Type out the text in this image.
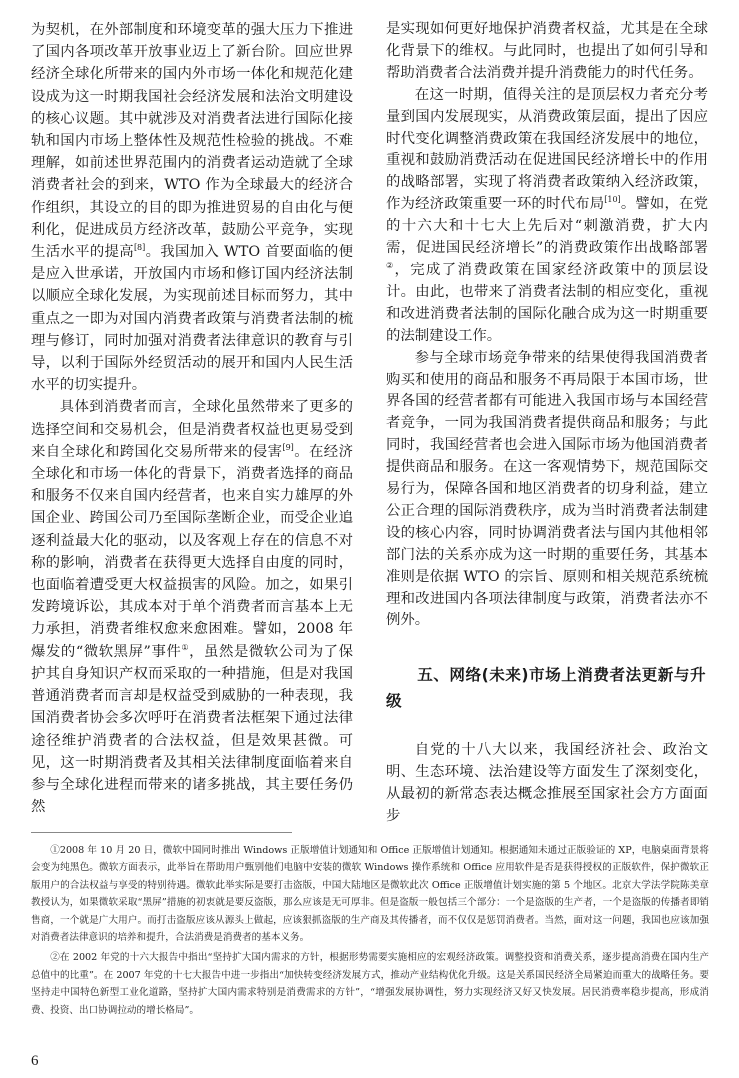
为契机，在外部制度和环境变革的强大压力下推进了国内各项改革开放事业迈上了新台阶。回应世界经济全球化所带来的国内外市场一体化和规范化建设成为这一时期我国社会经济发展和法治文明建设的核心议题。其中就涉及对消费者法进行国际化接轨和国内市场上整体性及规范性检验的挑战。不难理解，如前述世界范围内的消费者运动造就了全球消费者社会的到来，WTO 作为全球最大的经济合作组织，其设立的目的即为推进贸易的自由化与便利化，促进成员方经济改革，鼓励公平竞争，实现生活水平的提高[8]。我国加入 WTO 首要面临的便是应入世承诺，开放国内市场和修订国内经济法制以顺应全球化发展，为实现前述目标而努力，其中重点之一即为对国内消费者政策与消费者法制的梳理与修订，同时加强对消费者法律意识的教育与引导，以利于国际外经贸活动的展开和国内人民生活水平的切实提升。

具体到消费者而言，全球化虽然带来了更多的选择空间和交易机会，但是消费者权益也更易受到来自全球化和跨国化交易所带来的侵害[9]。在经济全球化和市场一体化的背景下，消费者选择的商品和服务不仅来自国内经营者，也来自实力雄厚的外国企业、跨国公司乃至国际垄断企业，而受企业追逐利益最大化的驱动，以及客观上存在的信息不对称的影响，消费者在获得更大选择自由度的同时，也面临着遭受更大权益损害的风险。加之，如果引发跨境诉讼，其成本对于单个消费者而言基本上无力承担，消费者维权愈来愈困难。譬如，2008 年爆发的“微软黑屏”事件①，虽然是微软公司为了保护其自身知识产权而采取的一种措施，但是对我国普通消费者而言却是权益受到威胁的一种表现，我国消费者协会多次呼吁在消费者法框架下通过法律途径维护消费者的合法权益，但是效果甚微。可见，这一时期消费者及其相关法律制度面临着来自参与全球化进程而带来的诸多挑战，其主要任务仍然

是实现如何更好地保护消费者权益，尤其是在全球化背景下的维权。与此同时，也提出了如何引导和帮助消费者合法消费并提升消费能力的时代任务。

在这一时期，值得关注的是顶层权力者充分考量到国内发展现实，从消费政策层面，提出了因应时代变化调整消费政策在我国经济发展中的地位，重视和鼓励消费活动在促进国民经济增长中的作用的战略部署，实现了将消费者政策纳入经济政策，作为经济政策重要一环的时代布局[10]。譬如，在党的十六大和十七大上先后对“刺激消费，扩大内需，促进国民经济增长”的消费政策作出战略部署②，完成了消费政策在国家经济政策中的顶层设计。由此，也带来了消费者法制的相应变化，重视和改进消费者法制的国际化融合成为这一时期重要的法制建设工作。

参与全球市场竞争带来的结果使得我国消费者购买和使用的商品和服务不再局限于本国市场，世界各国的经营者都有可能进入我国市场与本国经营者竞争，一同为我国消费者提供商品和服务；与此同时，我国经营者也会进入国际市场为他国消费者提供商品和服务。在这一客观情势下，规范国际交易行为，保障各国和地区消费者的切身利益，建立公正合理的国际消费秩序，成为当时消费者法制建设的核心内容，同时协调消费者法与国内其他相邻部门法的关系亦成为这一时期的重要任务，其基本准则是依据 WTO 的宗旨、原则和相关规范系统梳理和改进国内各项法律制度与政策，消费者法亦不例外。

五、网络(未来)市场上消费者法更新与升级

自党的十八大以来，我国经济社会、政治文明、生态环境、法治建设等方面发生了深刻变化，从最初的新常态表达概念推展至国家社会方方面面步

①2008 年 10 月 20 日，微软中国同时推出 Windows 正版增值计划通知和 Office 正版增值计划通知。根据通知未通过正版验证的 XP，电脑桌面背景将会变为纯黑色。微软方面表示，此举旨在帮助用户甄别他们电脑中安装的微软 Windows 操作系统和 Office 应用软件是否是获得授权的正版软件，保护微软正版用户的合法权益与享受的特别待遇。微软此举实际是要打击盗版，中国大陆地区是微软此次 Office 正版增值计划实施的第 5 个地区。北京大学法学院陈美章教授认为，如果微软采取“黑屏”措施的初衷就是要反盗版，那么应该是无可厚非。但是盗版一般包括三个部分：一个是盗版的生产者，一个是盗版的传播者即销售商，一个就是广大用户。而打击盗版应该从源头上做起，应该狠抓盗版的生产商及其传播者，而不仅仅是惩罚消费者。当然，面对这一问题，我国也应该加强对消费者法律意识的培养和提升，合法消费是消费者的基本义务。

②在 2002 年党的十六大报告中指出“坚持扩大国内需求的方针，根据形势需要实施相应的宏观经济政策。调整投资和消费关系，逐步提高消费在国内生产总值中的比重”。在 2007 年党的十七大报告中进一步指出“加快转变经济发展方式，推动产业结构优化升级。这是关系国民经济全局紧迫而重大的战略任务。要坚持走中国特色新型工业化道路，坚持扩大国内需求特别是消费需求的方针”，“增强发展协调性，努力实现经济又好又快发展。居民消费率稳步提高，形成消费、投资、出口协调拉动的增长格局”。

6
